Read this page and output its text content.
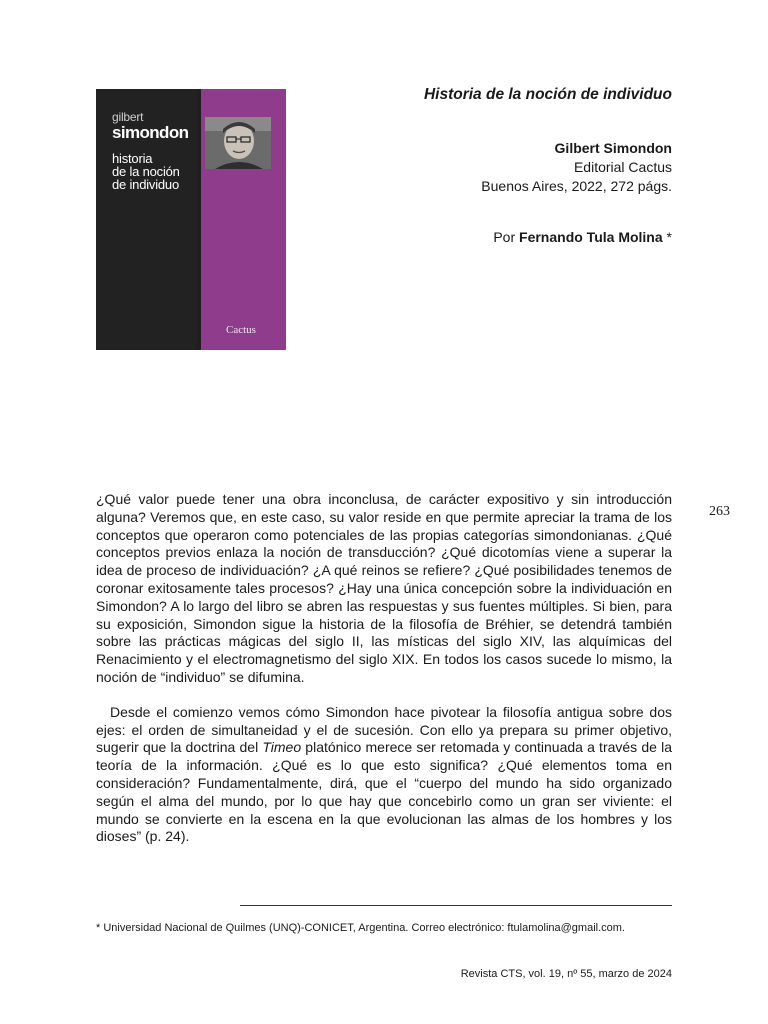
gilbert
simondon
historia
de la noción
de individuo
Cactus
Historia de la noción de individuo
Gilbert Simondon
Editorial Cactus
Buenos Aires, 2022, 272 págs.
Por Fernando Tula Molina *
263

¿Qué valor puede tener una obra inconclusa, de carácter expositivo y sin introducción alguna? Veremos que, en este caso, su valor reside en que permite apreciar la trama de los conceptos que operaron como potenciales de las propias categorías simondonianas. ¿Qué conceptos previos enlaza la noción de transducción? ¿Qué dicotomías viene a superar la idea de proceso de individuación? ¿A qué reinos se refiere? ¿Qué posibilidades tenemos de coronar exitosamente tales procesos? ¿Hay una única concepción sobre la individuación en Simondon? A lo largo del libro se abren las respuestas y sus fuentes múltiples. Si bien, para su exposición, Simondon sigue la historia de la filosofía de Bréhier, se detendrá también sobre las prácticas mágicas del siglo II, las místicas del siglo XIV, las alquímicas del Renacimiento y el electromagnetismo del siglo XIX. En todos los casos sucede lo mismo, la noción de “individuo” se difumina.

Desde el comienzo vemos cómo Simondon hace pivotear la filosofía antigua sobre dos ejes: el orden de simultaneidad y el de sucesión. Con ello ya prepara su primer objetivo, sugerir que la doctrina del Timeo platónico merece ser retomada y continuada a través de la teoría de la información. ¿Qué es lo que esto significa? ¿Qué elementos toma en consideración? Fundamentalmente, dirá, que el “cuerpo del mundo ha sido organizado según el alma del mundo, por lo que hay que concebirlo como un gran ser viviente: el mundo se convierte en la escena en la que evolucionan las almas de los hombres y los dioses” (p. 24).

* Universidad Nacional de Quilmes (UNQ)-CONICET, Argentina. Correo electrónico: ftulamolina@gmail.com.
Revista CTS, vol. 19, nº 55, marzo de 2024
